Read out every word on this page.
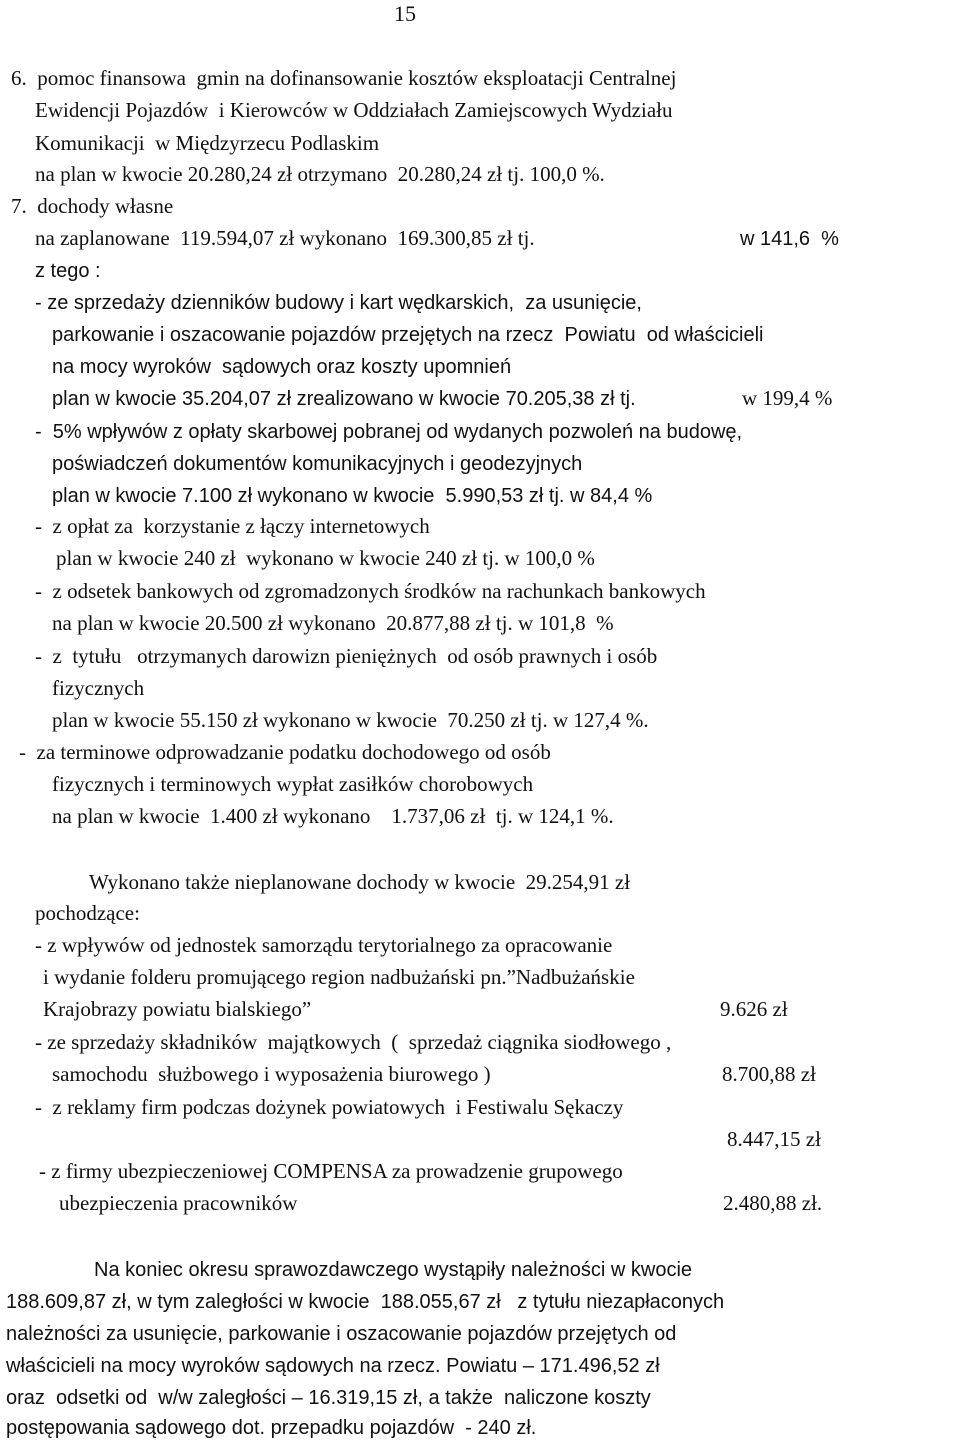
15
6.  pomoc finansowa  gmin na dofinansowanie kosztów eksploatacji Centralnej
Ewidencji Pojazdów  i Kierowców w Oddziałach Zamiejscowych Wydziału
Komunikacji  w Międzyrzecu Podlaskim
na plan w kwocie 20.280,24 zł otrzymano  20.280,24 zł tj. 100,0 %.
7.  dochody własne
na zaplanowane  119.594,07 zł wykonano  169.300,85 zł tj.	w 141,6  %
z tego :
- ze sprzedaży dzienników budowy i kart wędkarskich,  za usunięcie,
parkowanie i oszacowanie pojazdów przejętych na rzecz  Powiatu  od właścicieli
na mocy wyroków  sądowych oraz koszty upomnień
plan w kwocie 35.204,07 zł zrealizowano w kwocie 70.205,38 zł tj.	w 199,4 %
-  5% wpływów z opłaty skarbowej pobranej od wydanych pozwoleń na budowę,
poświadczeń dokumentów komunikacyjnych i geodezyjnych
plan w kwocie 7.100 zł wykonano w kwocie  5.990,53 zł tj. w 84,4 %
-  z opłat za  korzystanie z łączy internetowych
plan w kwocie 240 zł  wykonano w kwocie 240 zł tj. w 100,0 %
-  z odsetek bankowych od zgromadzonych środków na rachunkach bankowych
na plan w kwocie 20.500 zł wykonano  20.877,88 zł tj. w 101,8  %
-  z  tytułu   otrzymanych darowizn pieniężnych  od osób prawnych i osób
fizycznych
plan w kwocie 55.150 zł wykonano w kwocie  70.250 zł tj. w 127,4 %.
-  za terminowe odprowadzanie podatku dochodowego od osób
fizycznych i terminowych wypłat zasiłków chorobowych
na plan w kwocie  1.400 zł wykonano    1.737,06 zł  tj. w 124,1 %.
Wykonano także nieplanowane dochody w kwocie  29.254,91 zł
pochodzące:
- z wpływów od jednostek samorządu terytorialnego za opracowanie
i wydanie folderu promującego region nadbużański pn.”Nadbużańskie
Krajobrazy powiatu bialskiego”	9.626 zł
- ze sprzedaży składników  majątkowych  (  sprzedaż ciągnika siodłowego ,
samochodu  służbowego i wyposażenia biurowego )	8.700,88 zł
-  z reklamy firm podczas dożynek powiatowych  i Festiwalu Sękaczy
8.447,15 zł
- z firmy ubezpieczeniowej COMPENSA za prowadzenie grupowego
ubezpieczenia pracowników	2.480,88 zł.
Na koniec okresu sprawozdawczego wystąpiły należności w kwocie
188.609,87 zł, w tym zaległości w kwocie  188.055,67 zł   z tytułu niezapłaconych
należności za usunięcie, parkowanie i oszacowanie pojazdów przejętych od
właścicieli na mocy wyroków sądowych na rzecz. Powiatu – 171.496,52 zł
oraz  odsetki od  w/w zaległości – 16.319,15 zł, a także  naliczone koszty
postępowania sądowego dot. przepadku pojazdów  - 240 zł.
